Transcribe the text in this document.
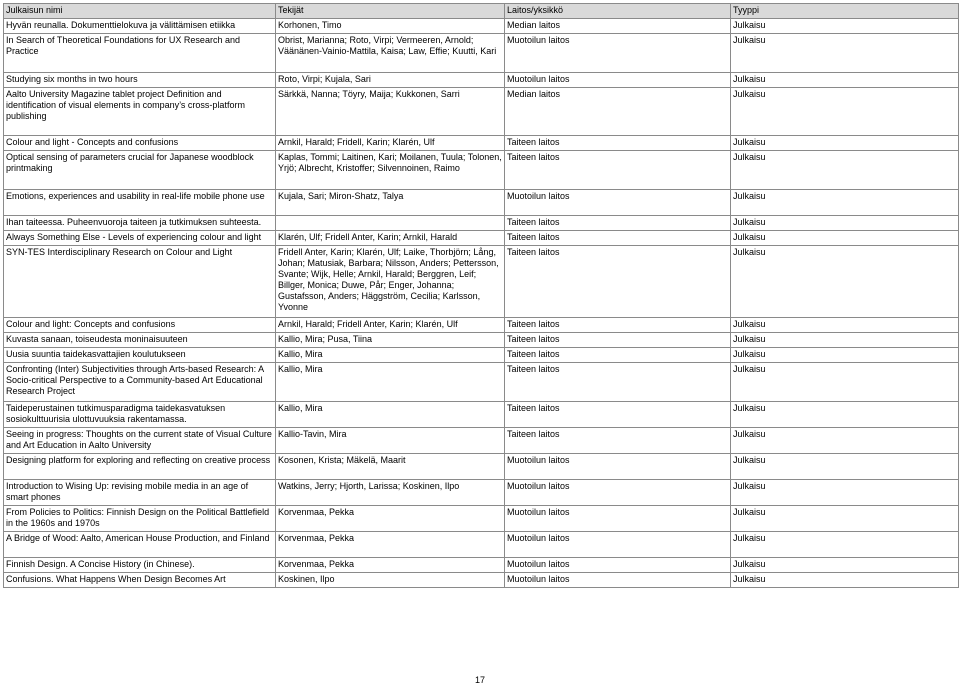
Julkaisun nimi	Tekijät	Laitos/yksikkö	Tyyppi
Hyvän reunalla. Dokumenttielokuva ja välittämisen etiikka	Korhonen, Timo	Median laitos	Julkaisu
In Search of Theoretical Foundations for UX Research and Practice	Obrist, Marianna; Roto, Virpi; Vermeeren, Arnold; Väänänen-Vainio-Mattila, Kaisa; Law, Effie; Kuutti, Kari	Muotoilun laitos	Julkaisu
Studying six months in two hours	Roto, Virpi; Kujala, Sari	Muotoilun laitos	Julkaisu
Aalto University Magazine tablet project Definition and identification of visual elements in company’s cross-platform publishing	Särkkä, Nanna; Töyry, Maija; Kukkonen, Sarri	Median laitos	Julkaisu
Colour and light - Concepts and confusions	Arnkil, Harald; Fridell, Karin; Klarén, Ulf	Taiteen laitos	Julkaisu
Optical sensing of parameters crucial for Japanese woodblock printmaking	Kaplas, Tommi; Laitinen, Kari; Moilanen, Tuula; Tolonen, Yrjö; Albrecht, Kristoffer; Silvennoinen, Raimo	Taiteen laitos	Julkaisu
Emotions, experiences and usability in real-life mobile phone use	Kujala, Sari; Miron-Shatz, Talya	Muotoilun laitos	Julkaisu
Ihan taiteessa. Puheenvuoroja taiteen ja tutkimuksen suhteesta.		Taiteen laitos	Julkaisu
Always Something Else - Levels of experiencing colour and light	Klarén, Ulf; Fridell Anter, Karin; Arnkil, Harald	Taiteen laitos	Julkaisu
SYN-TES Interdisciplinary Research on Colour and Light	Fridell Anter, Karin; Klarén, Ulf; Laike, Thorbjörn; Lång, Johan; Matusiak, Barbara; Nilsson, Anders; Pettersson, Svante; Wijk, Helle; Arnkil, Harald; Berggren, Leif; Billger, Monica; Duwe, Pår; Enger, Johanna; Gustafsson, Anders; Häggström, Cecilia; Karlsson, Yvonne	Taiteen laitos	Julkaisu
Colour and light: Concepts and confusions	Arnkil, Harald; Fridell Anter, Karin; Klarén, Ulf	Taiteen laitos	Julkaisu
Kuvasta sanaan, toiseudesta moninaisuuteen	Kallio, Mira; Pusa, Tiina	Taiteen laitos	Julkaisu
Uusia suuntia taidekasvattajien koulutukseen	Kallio, Mira	Taiteen laitos	Julkaisu
Confronting (Inter) Subjectivities through Arts-based Research: A Socio-critical Perspective to a Community-based Art Educational Research Project	Kallio, Mira	Taiteen laitos	Julkaisu
Taideperustainen tutkimusparadigma taidekasvatuksen sosiokulttuurisia ulottuvuuksia rakentamassa.	Kallio, Mira	Taiteen laitos	Julkaisu
Seeing in progress: Thoughts on the current state of Visual Culture and Art Education in Aalto University	Kallio-Tavin, Mira	Taiteen laitos	Julkaisu
Designing platform for exploring and reflecting on creative process	Kosonen, Krista; Mäkelä, Maarit	Muotoilun laitos	Julkaisu
Introduction to Wising Up: revising mobile media in an age of smart phones	Watkins, Jerry; Hjorth, Larissa; Koskinen, Ilpo	Muotoilun laitos	Julkaisu
From Policies to Politics: Finnish Design on the Political Battlefield in the 1960s and 1970s	Korvenmaa, Pekka	Muotoilun laitos	Julkaisu
A Bridge of Wood: Aalto, American House Production, and Finland	Korvenmaa, Pekka	Muotoilun laitos	Julkaisu
Finnish Design. A Concise History (in Chinese).	Korvenmaa, Pekka	Muotoilun laitos	Julkaisu
Confusions. What Happens When Design Becomes Art	Koskinen, Ilpo	Muotoilun laitos	Julkaisu
17
